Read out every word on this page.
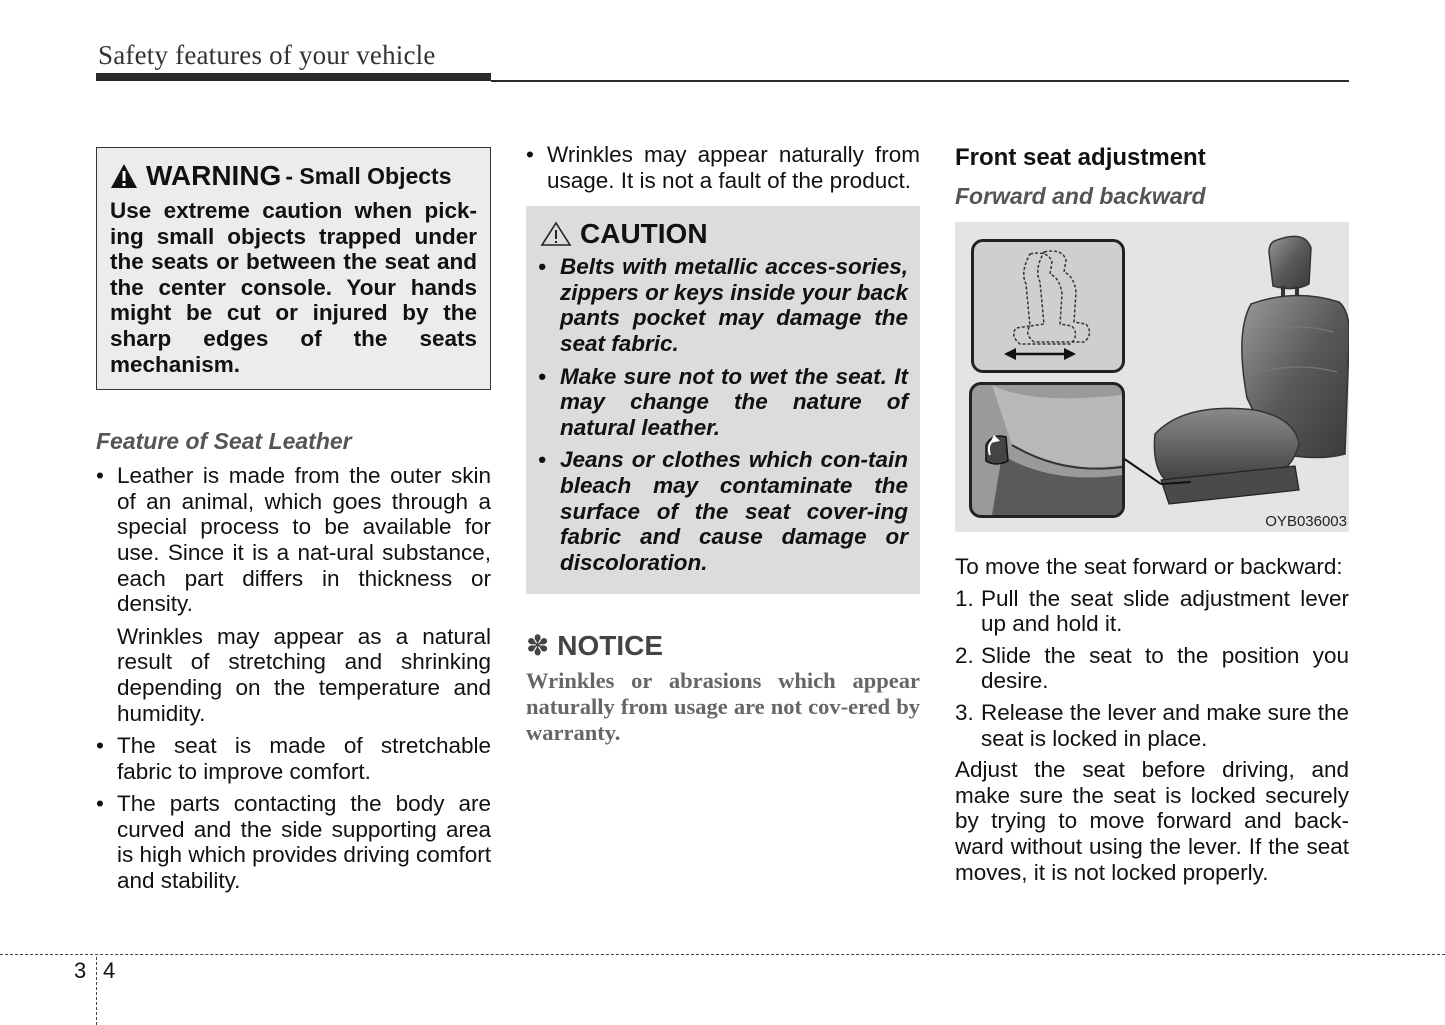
Safety features of your vehicle
WARNING - Small Objects
Use extreme caution when pick-ing small objects trapped under the seats or between the seat and the center console. Your hands might be cut or injured by the sharp edges of the seats mechanism.
Feature of Seat Leather
• Leather is made from the outer skin of an animal, which goes through a special process to be available for use. Since it is a nat-ural substance, each part differs in thickness or density.
Wrinkles may appear as a natural result of stretching and shrinking depending on the temperature and humidity.
• The seat is made of stretchable fabric to improve comfort.
• The parts contacting the body are curved and the side supporting area is high which provides driving comfort and stability.
• Wrinkles may appear naturally from usage. It is not a fault of the product.
CAUTION
• Belts with metallic acces-sories, zippers or keys inside your back pants pocket may damage the seat fabric.
• Make sure not to wet the seat. It may change the nature of natural leather.
• Jeans or clothes which con-tain bleach may contaminate the surface of the seat cover-ing fabric and cause damage or discoloration.
✽ NOTICE
Wrinkles or abrasions which appear naturally from usage are not cov-ered by warranty.
Front seat adjustment
Forward and backward
OYB036003
To move the seat forward or backward:
1. Pull the seat slide adjustment lever up and hold it.
2. Slide the seat to the position you desire.
3. Release the lever and make sure the seat is locked in place.
Adjust the seat before driving, and make sure the seat is locked securely by trying to move forward and back-ward without using the lever. If the seat moves, it is not locked properly.
3 4
